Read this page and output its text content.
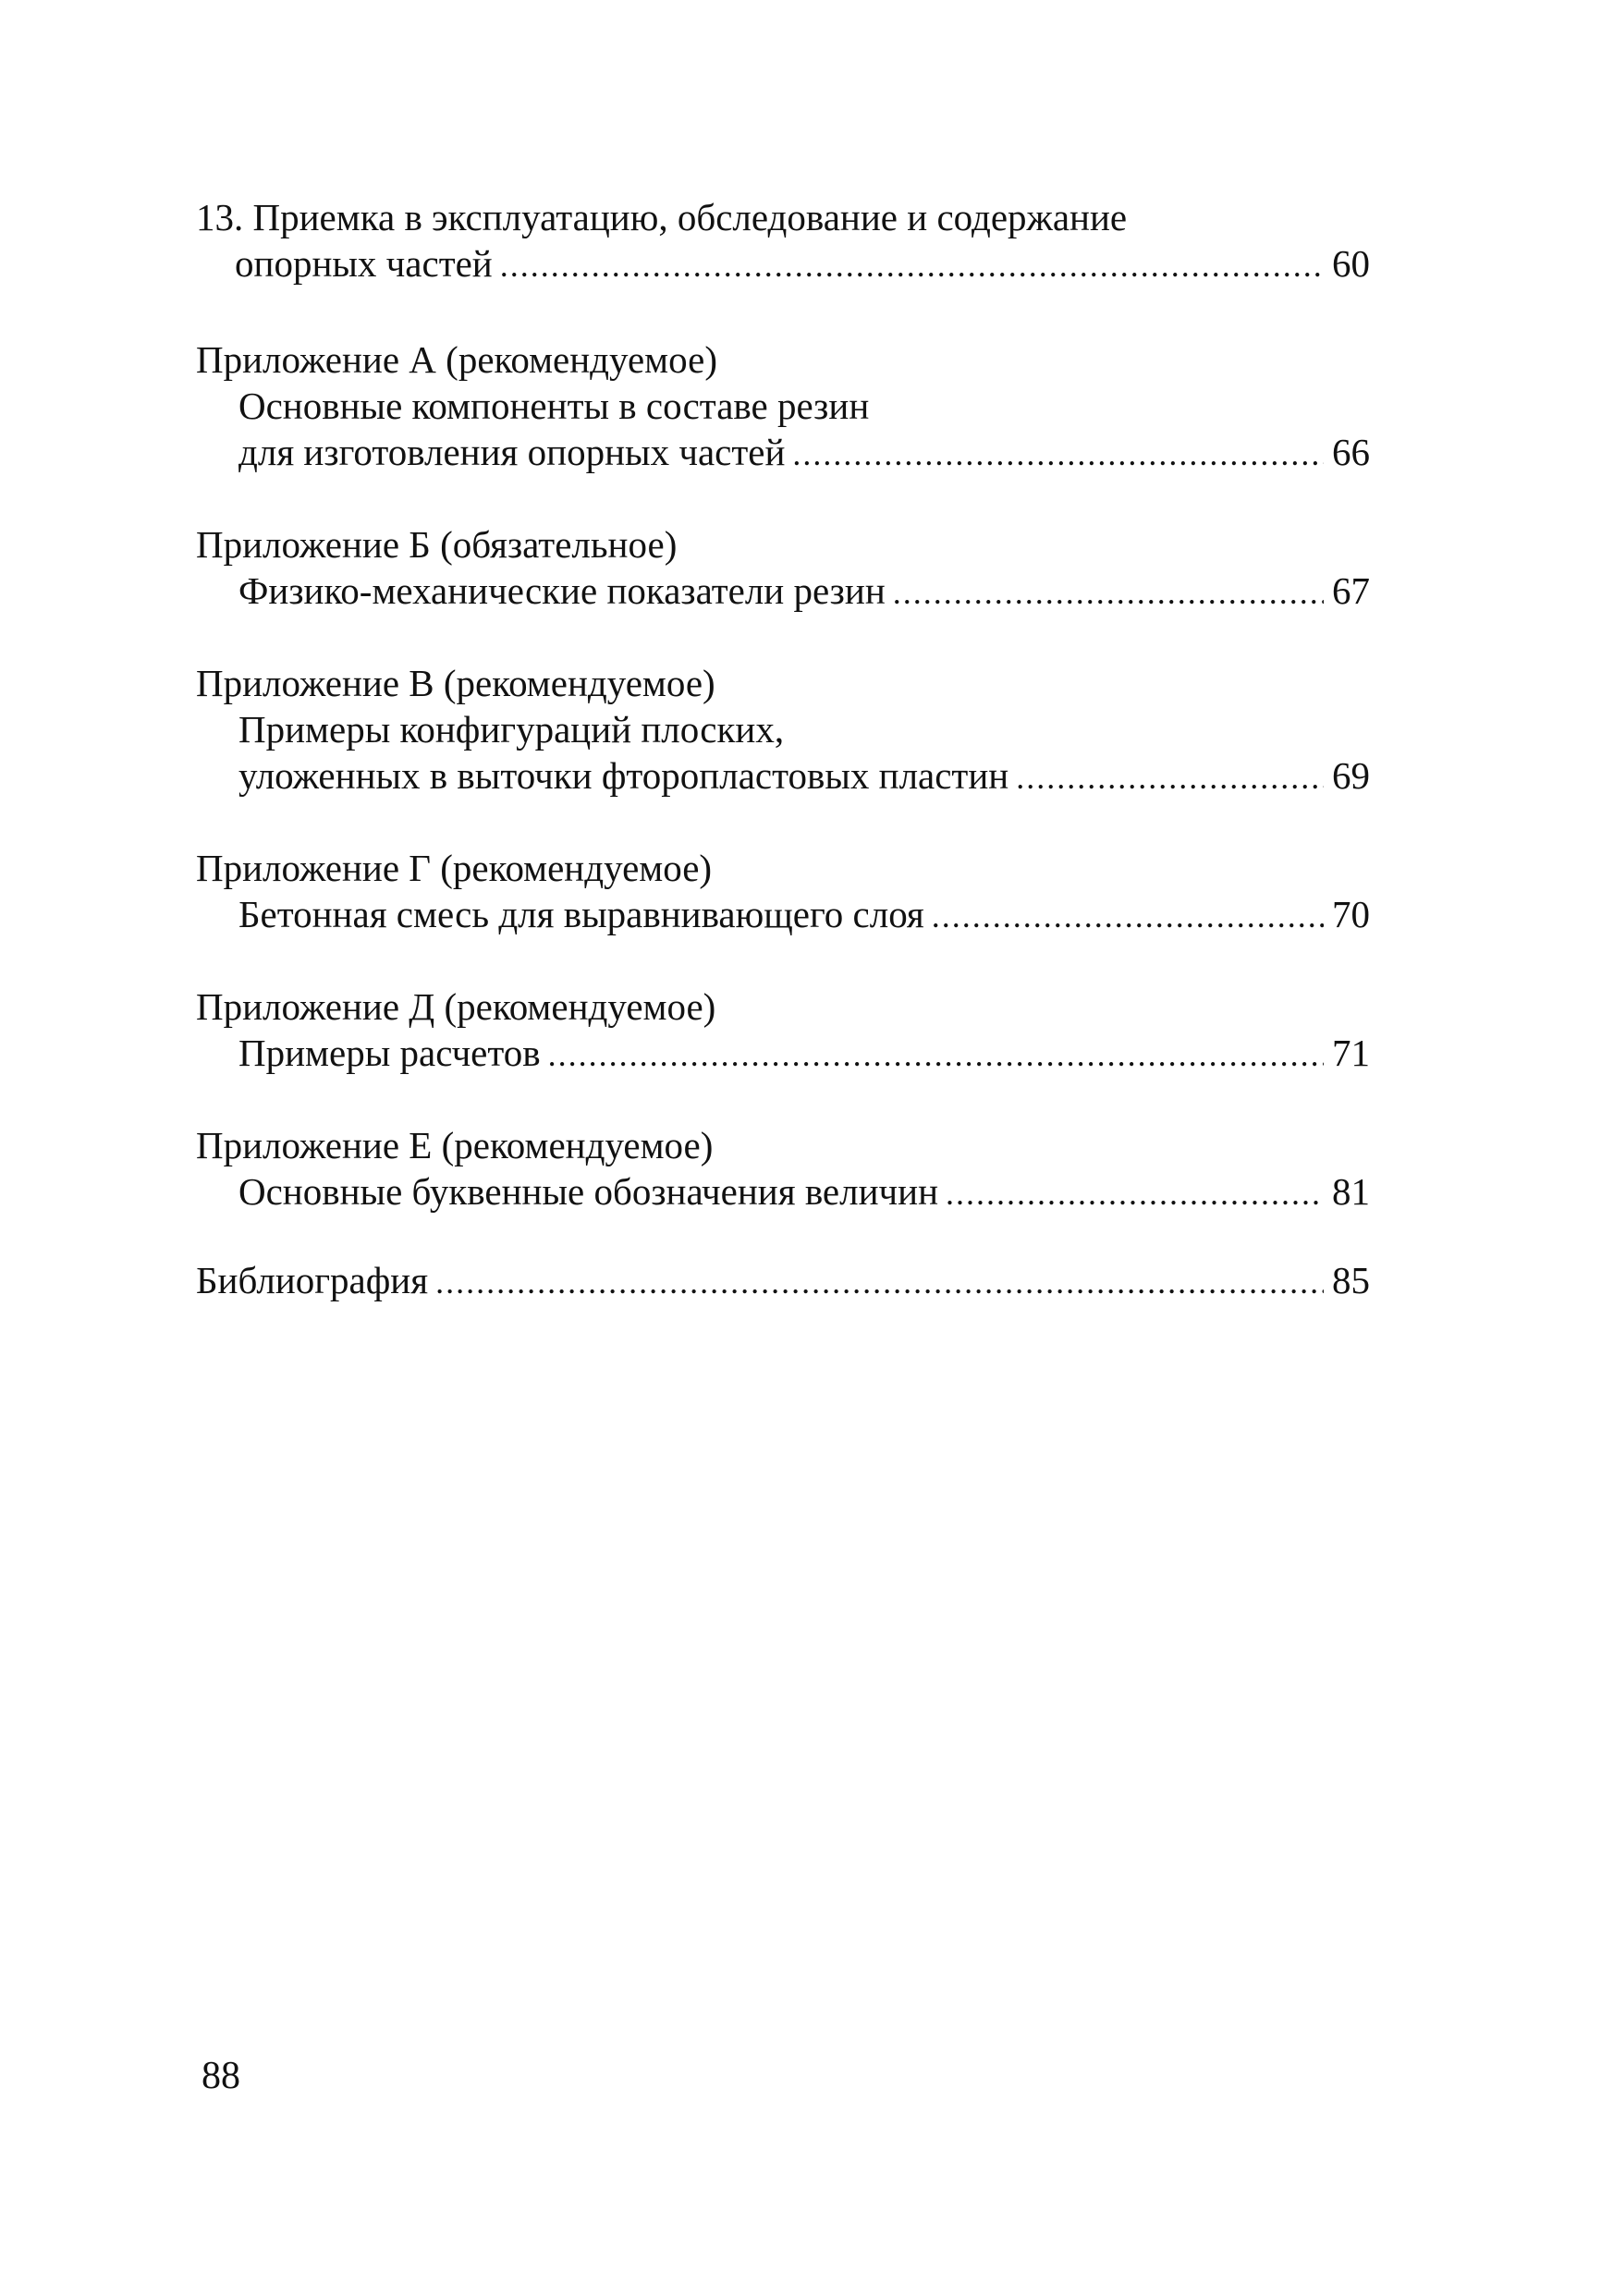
13. Приемка в эксплуатацию, обследование и содержание
опорных частей .....	60
Приложение А (рекомендуемое)
Основные компоненты в составе резин
для изготовления опорных частей .....	66
Приложение Б (обязательное)
Физико-механические показатели резин .....	67
Приложение В (рекомендуемое)
Примеры конфигураций плоских,
уложенных в выточки фторопластовых пластин .....	69
Приложение Г (рекомендуемое)
Бетонная смесь для выравнивающего слоя .....	70
Приложение Д (рекомендуемое)
Примеры расчетов .....	71
Приложение Е (рекомендуемое)
Основные буквенные обозначения величин .....	81
Библиография .....	85
88
